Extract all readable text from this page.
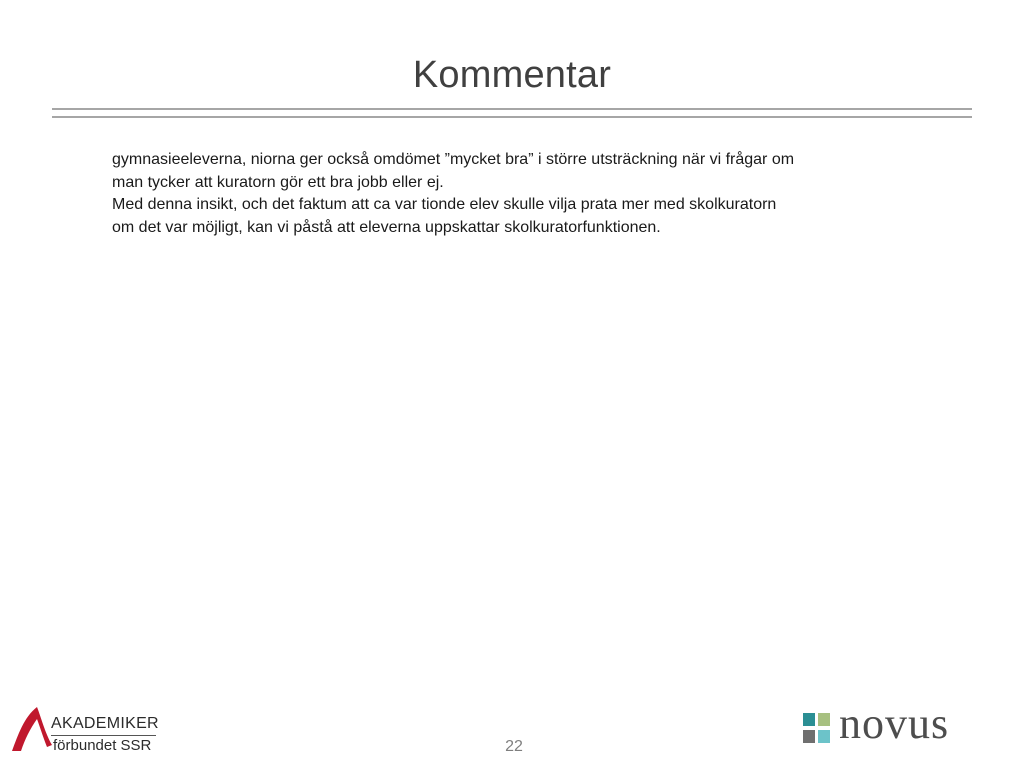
Kommentar

gymnasieeleverna, niorna ger också omdömet ”mycket bra” i större utsträckning när vi frågar om

man tycker att kuratorn gör ett bra jobb eller ej.

Med denna insikt, och det faktum att ca var tionde elev skulle vilja prata mer med skolkuratorn

om det var möjligt, kan vi påstå att eleverna uppskattar skolkuratorfunktionen.

AKADEMIKER
förbundet SSR	22	novus
